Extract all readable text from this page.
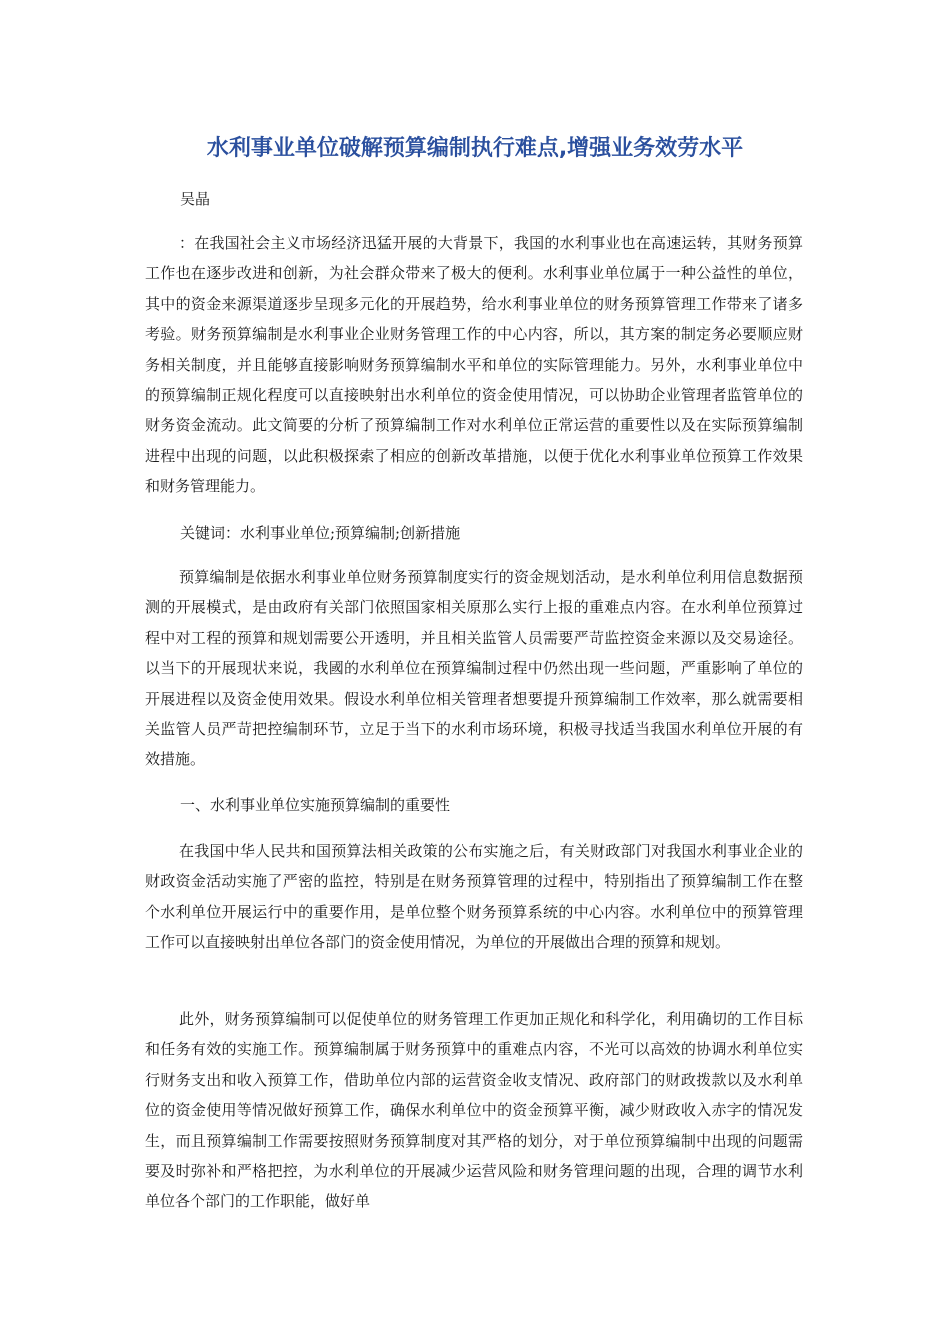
水利事业单位破解预算编制执行难点,增强业务效劳水平

吴晶

：在我国社会主义市场经济迅猛开展的大背景下，我国的水利事业也在高速运转，其财务预算工作也在逐步改进和创新，为社会群众带来了极大的便利。水利事业单位属于一种公益性的单位，其中的资金来源渠道逐步呈现多元化的开展趋势，给水利事业单位的财务预算管理工作带来了诸多考验。财务预算编制是水利事业企业财务管理工作的中心内容，所以，其方案的制定务必要顺应财务相关制度，并且能够直接影响财务预算编制水平和单位的实际管理能力。另外，水利事业单位中的预算编制正规化程度可以直接映射出水利单位的资金使用情况，可以协助企业管理者监管单位的财务资金流动。此文简要的分析了预算编制工作对水利单位正常运营的重要性以及在实际预算编制进程中出现的问题，以此积极探索了相应的创新改革措施，以便于优化水利事业单位预算工作效果和财务管理能力。

关键词：水利事业单位;预算编制;创新措施

预算编制是依据水利事业单位财务预算制度实行的资金规划活动，是水利单位利用信息数据预测的开展模式，是由政府有关部门依照国家相关原那么实行上报的重难点内容。在水利单位预算过程中对工程的预算和规划需要公开透明，并且相关监管人员需要严苛监控资金来源以及交易途径。以当下的开展现状来说，我國的水利单位在预算编制过程中仍然出现一些问题，严重影响了单位的开展进程以及资金使用效果。假设水利单位相关管理者想要提升预算编制工作效率，那么就需要相关监管人员严苛把控编制环节，立足于当下的水利市场环境，积极寻找适当我国水利单位开展的有效措施。

一、水利事业单位实施预算编制的重要性

在我国中华人民共和国预算法相关政策的公布实施之后，有关财政部门对我国水利事业企业的财政资金活动实施了严密的监控，特别是在财务预算管理的过程中，特别指出了预算编制工作在整个水利单位开展运行中的重要作用，是单位整个财务预算系统的中心内容。水利单位中的预算管理工作可以直接映射出单位各部门的资金使用情况，为单位的开展做出合理的预算和规划。

此外，财务预算编制可以促使单位的财务管理工作更加正规化和科学化，利用确切的工作目标和任务有效的实施工作。预算编制属于财务预算中的重难点内容，不光可以高效的协调水利单位实行财务支出和收入预算工作，借助单位内部的运营资金收支情况、政府部门的财政拨款以及水利单位的资金使用等情况做好预算工作，确保水利单位中的资金预算平衡，减少财政收入赤字的情况发生，而且预算编制工作需要按照财务预算制度对其严格的划分，对于单位预算编制中出现的问题需要及时弥补和严格把控，为水利单位的开展减少运营风险和财务管理问题的出现，合理的调节水利单位各个部门的工作职能，做好单
